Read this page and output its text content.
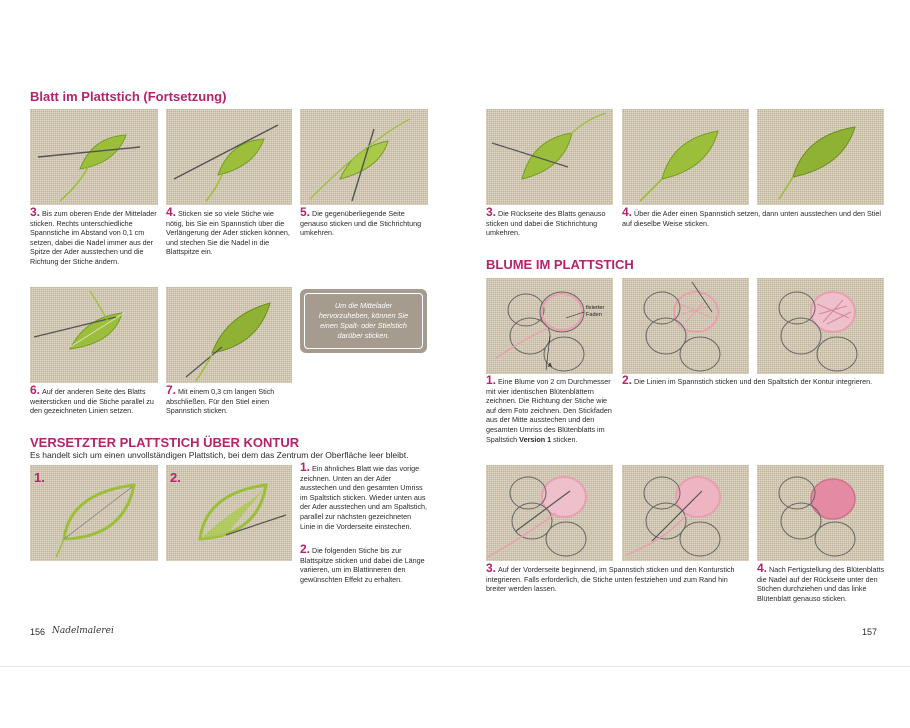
Blatt im Plattstich (Fortsetzung)
3. Bis zum oberen Ende der Mittelader sticken. Rechts unterschiedliche Spannstiche im Abstand von 0,1 cm setzen, dabei die Nadel immer aus der Spitze der Ader ausstechen und die Richtung der Stiche ändern.
4. Sticken sie so viele Stiche wie nötig, bis Sie ein Spannstich über die Verlängerung der Ader sticken können, und stechen Sie die Nadel in die Blattspitze ein.
5. Die gegenüberliegende Seite genauso sticken und die Stichrichtung umkehren.
Um die Mittelader hervorzuheben, können Sie einen Spalt- oder Stielstich darüber sticken.
6. Auf der anderen Seite des Blatts weitersticken und die Stiche parallel zu den gezeichneten Linien setzen.
7. Mit einem 0,3 cm langen Stich abschließen. Für den Stiel einen Spannstich sticken.
VERSETZTER PLATTSTICH ÜBER KONTUR
Es handelt sich um einen unvollständigen Plattstich, bei dem das Zentrum der Oberfläche leer bleibt.
1.	2.
1. Ein ähnliches Blatt wie das vorige zeichnen. Unten an der Ader ausstechen und den gesamten Umriss im Spaltstich sticken. Wieder unten aus der Ader ausstechen und am Spaltstich, parallel zur nächsten gezeichneten Linie in die Vorderseite einstechen.
2. Die folgenden Stiche bis zur Blattspitze sticken und dabei die Länge variieren, um im Blattinneren den gewünschten Effekt zu erhalten.
156 Nadelmalerei
3. Die Rückseite des Blatts genauso sticken und dabei die Stichrichtung umkehren.
4. Über die Ader einen Spannstich setzen, dann unten ausstechen und den Stiel auf dieselbe Weise sticken.
BLUME IM PLATTSTICH
fixierter Faden
A
1. Eine Blume von 2 cm Durchmesser mit vier identischen Blütenblättern zeichnen. Die Richtung der Stiche wie auf dem Foto zeichnen. Den Stickfaden aus der Mitte ausstechen und den gesamten Umriss des Blütenblatts im Spaltstich Version 1 sticken.
2. Die Linien im Spannstich sticken und den Spaltstich der Kontur integrieren.
3. Auf der Vorderseite beginnend, im Spannstich sticken und den Konturstich integrieren. Falls erforderlich, die Stiche unten festziehen und zum Rand hin breiter werden lassen.
4. Nach Fertigstellung des Blütenblatts die Nadel auf der Rückseite unter den Stichen durchziehen und das linke Blütenblatt genauso sticken.
157
